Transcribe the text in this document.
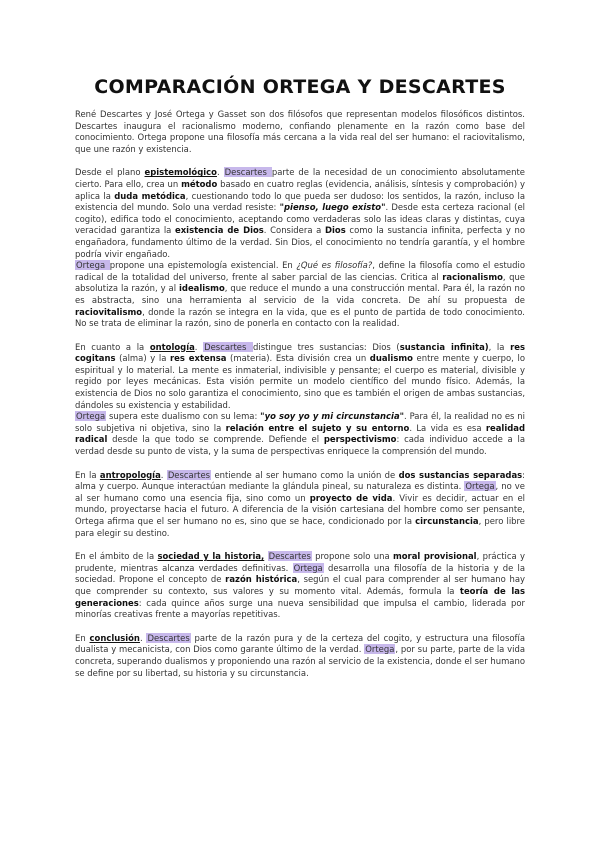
COMPARACIÓN ORTEGA Y DESCARTES

René Descartes y José Ortega y Gasset son dos filósofos que representan modelos filosóficos distintos. Descartes inaugura el racionalismo moderno, confiando plenamente en la razón como base del conocimiento. Ortega propone una filosofía más cercana a la vida real del ser humano: el raciovitalismo, que une razón y existencia.

Desde el plano epistemológico. Descartes parte de la necesidad de un conocimiento absolutamente cierto. Para ello, crea un método basado en cuatro reglas (evidencia, análisis, síntesis y comprobación) y aplica la duda metódica, cuestionando todo lo que pueda ser dudoso: los sentidos, la razón, incluso la existencia del mundo. Solo una verdad resiste: "pienso, luego existo". Desde esta certeza racional (el cogito), edifica todo el conocimiento, aceptando como verdaderas solo las ideas claras y distintas, cuya veracidad garantiza la existencia de Dios. Considera a Dios como la sustancia infinita, perfecta y no engañadora, fundamento último de la verdad. Sin Dios, el conocimiento no tendría garantía, y el hombre podría vivir engañado.

Ortega propone una epistemología existencial. En ¿Qué es filosofía?, define la filosofía como el estudio radical de la totalidad del universo, frente al saber parcial de las ciencias. Critica al racionalismo, que absolutiza la razón, y al idealismo, que reduce el mundo a una construcción mental. Para él, la razón no es abstracta, sino una herramienta al servicio de la vida concreta. De ahí su propuesta de raciovitalismo, donde la razón se integra en la vida, que es el punto de partida de todo conocimiento. No se trata de eliminar la razón, sino de ponerla en contacto con la realidad.

En cuanto a la ontología. Descartes distingue tres sustancias: Dios (sustancia infinita), la res cogitans (alma) y la res extensa (materia). Esta división crea un dualismo entre mente y cuerpo, lo espiritual y lo material. La mente es inmaterial, indivisible y pensante; el cuerpo es material, divisible y regido por leyes mecánicas. Esta visión permite un modelo científico del mundo físico. Además, la existencia de Dios no solo garantiza el conocimiento, sino que es también el origen de ambas sustancias, dándoles su existencia y estabilidad.

Ortega supera este dualismo con su lema: "yo soy yo y mi circunstancia". Para él, la realidad no es ni solo subjetiva ni objetiva, sino la relación entre el sujeto y su entorno. La vida es esa realidad radical desde la que todo se comprende. Defiende el perspectivismo: cada individuo accede a la verdad desde su punto de vista, y la suma de perspectivas enriquece la comprensión del mundo.

En la antropología. Descartes entiende al ser humano como la unión de dos sustancias separadas: alma y cuerpo. Aunque interactúan mediante la glándula pineal, su naturaleza es distinta. Ortega, no ve al ser humano como una esencia fija, sino como un proyecto de vida. Vivir es decidir, actuar en el mundo, proyectarse hacia el futuro. A diferencia de la visión cartesiana del hombre como ser pensante, Ortega afirma que el ser humano no es, sino que se hace, condicionado por la circunstancia, pero libre para elegir su destino.

En el ámbito de la sociedad y la historia, Descartes propone solo una moral provisional, práctica y prudente, mientras alcanza verdades definitivas. Ortega desarrolla una filosofía de la historia y de la sociedad. Propone el concepto de razón histórica, según el cual para comprender al ser humano hay que comprender su contexto, sus valores y su momento vital. Además, formula la teoría de las generaciones: cada quince años surge una nueva sensibilidad que impulsa el cambio, liderada por minorías creativas frente a mayorías repetitivas.

En conclusión. Descartes parte de la razón pura y de la certeza del cogito, y estructura una filosofía dualista y mecanicista, con Dios como garante último de la verdad. Ortega, por su parte, parte de la vida concreta, superando dualismos y proponiendo una razón al servicio de la existencia, donde el ser humano se define por su libertad, su historia y su circunstancia.
